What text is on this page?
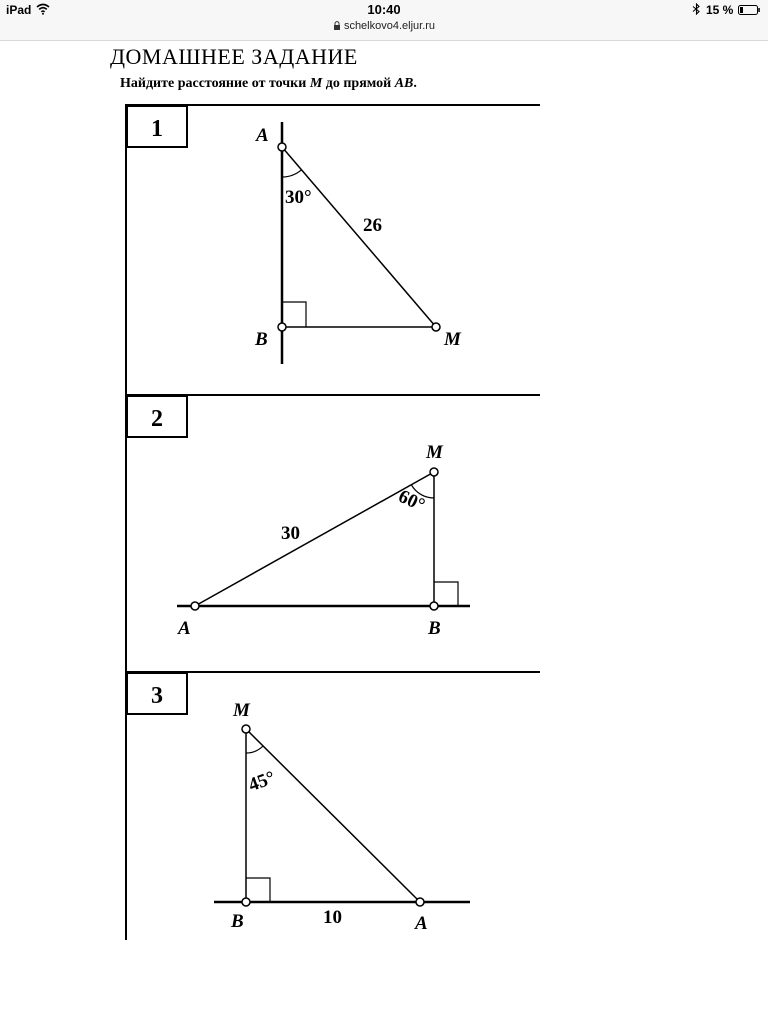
iPad	10:40
schelkovo4.eljur.ru
15 %
ДОМАШНЕЕ ЗАДАНИЕ
Найдите расстояние от точки M до прямой AB.
1	A
B	M
30°
26
2
A	B
M
60°
30
3
A
B
M
45°
10
